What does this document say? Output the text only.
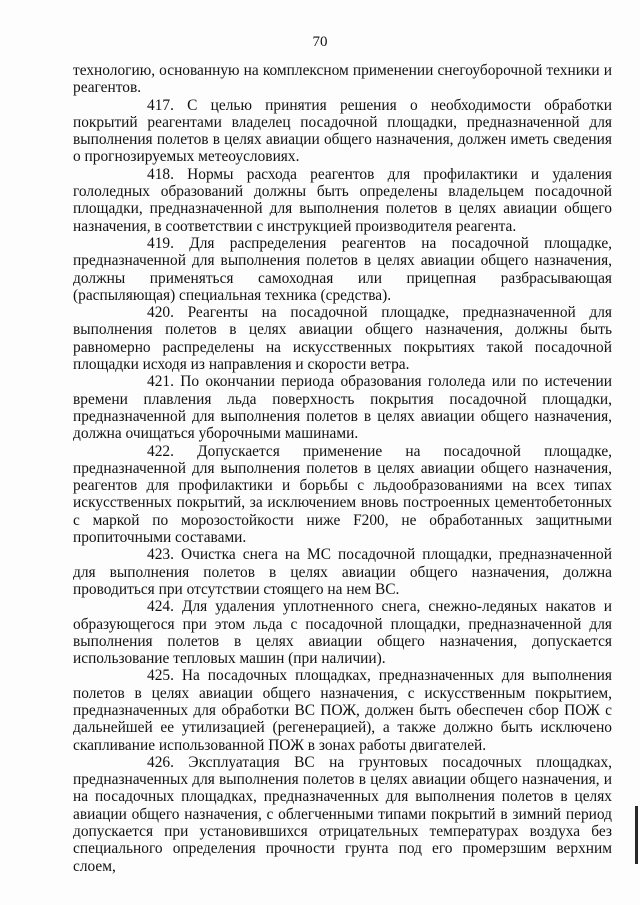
70

технологию, основанную на комплексном применении снегоуборочной техники и реагентов.

417. С целью принятия решения о необходимости обработки покрытий реагентами владелец посадочной площадки, предназначенной для выполнения полетов в целях авиации общего назначения, должен иметь сведения о прогнозируемых метеоусловиях.

418. Нормы расхода реагентов для профилактики и удаления гололедных образований должны быть определены владельцем посадочной площадки, предназначенной для выполнения полетов в целях авиации общего назначения, в соответствии с инструкцией производителя реагента.

419. Для распределения реагентов на посадочной площадке, предназначенной для выполнения полетов в целях авиации общего назначения, должны применяться самоходная или прицепная разбрасывающая (распыляющая) специальная техника (средства).

420. Реагенты на посадочной площадке, предназначенной для выполнения полетов в целях авиации общего назначения, должны быть равномерно распределены на искусственных покрытиях такой посадочной площадки исходя из направления и скорости ветра.

421. По окончании периода образования гололеда или по истечении времени плавления льда поверхность покрытия посадочной площадки, предназначенной для выполнения полетов в целях авиации общего назначения, должна очищаться уборочными машинами.

422. Допускается применение на посадочной площадке, предназначенной для выполнения полетов в целях авиации общего назначения, реагентов для профилактики и борьбы с льдообразованиями на всех типах искусственных покрытий, за исключением вновь построенных цементобетонных с маркой по морозостойкости ниже F200, не обработанных защитными пропиточными составами.

423. Очистка снега на МС посадочной площадки, предназначенной для выполнения полетов в целях авиации общего назначения, должна проводиться при отсутствии стоящего на нем ВС.

424. Для удаления уплотненного снега, снежно-ледяных накатов и образующегося при этом льда с посадочной площадки, предназначенной для выполнения полетов в целях авиации общего назначения, допускается использование тепловых машин (при наличии).

425. На посадочных площадках, предназначенных для выполнения полетов в целях авиации общего назначения, с искусственным покрытием, предназначенных для обработки ВС ПОЖ, должен быть обеспечен сбор ПОЖ с дальнейшей ее утилизацией (регенерацией), а также должно быть исключено скапливание использованной ПОЖ в зонах работы двигателей.

426. Эксплуатация ВС на грунтовых посадочных площадках, предназначенных для выполнения полетов в целях авиации общего назначения, и на посадочных площадках, предназначенных для выполнения полетов в целях авиации общего назначения, с облегченными типами покрытий в зимний период допускается при установившихся отрицательных температурах воздуха без специального определения прочности грунта под его промерзшим верхним слоем,
